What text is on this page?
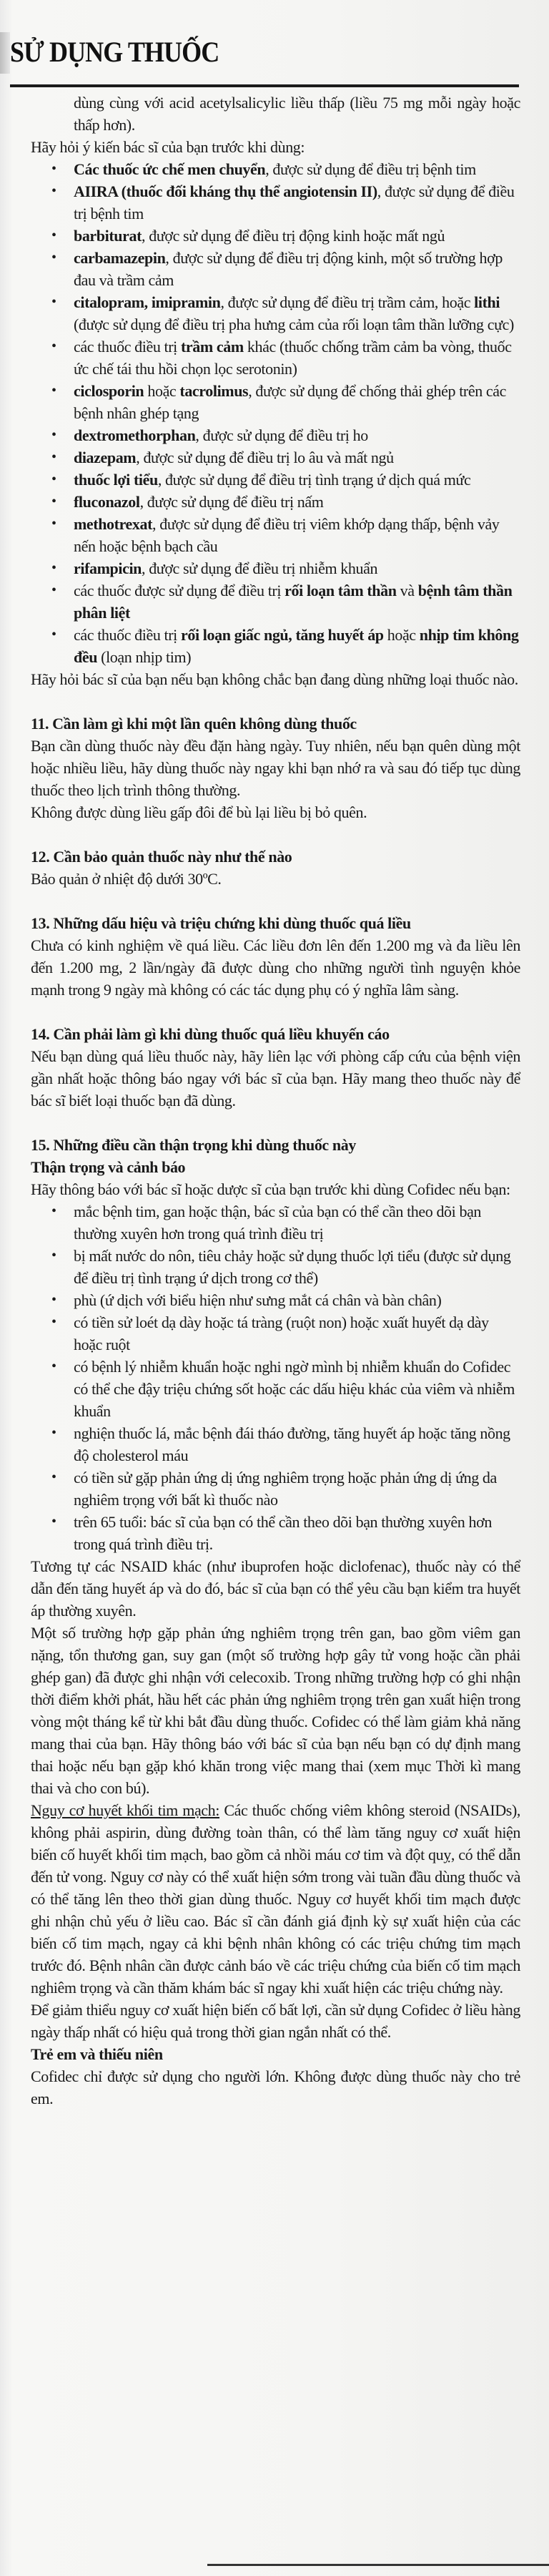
SỬ DỤNG THUỐC

dùng cùng với acid acetylsalicylic liều thấp (liều 75 mg mỗi ngày hoặc thấp hơn).

Hãy hỏi ý kiến bác sĩ của bạn trước khi dùng:

• Các thuốc ức chế men chuyển, được sử dụng để điều trị bệnh tim
• AIIRA (thuốc đối kháng thụ thể angiotensin II), được sử dụng để điều trị bệnh tim
• barbiturat, được sử dụng để điều trị động kinh hoặc mất ngủ
• carbamazepin, được sử dụng để điều trị động kinh, một số trường hợp đau và trầm cảm
• citalopram, imipramin, được sử dụng để điều trị trầm cảm, hoặc lithi (được sử dụng để điều trị pha hưng cảm của rối loạn tâm thần lưỡng cực)
• các thuốc điều trị trầm cảm khác (thuốc chống trầm cảm ba vòng, thuốc ức chế tái thu hồi chọn lọc serotonin)
• ciclosporin hoặc tacrolimus, được sử dụng để chống thải ghép trên các bệnh nhân ghép tạng
• dextromethorphan, được sử dụng để điều trị ho
• diazepam, được sử dụng để điều trị lo âu và mất ngủ
• thuốc lợi tiểu, được sử dụng để điều trị tình trạng ứ dịch quá mức
• fluconazol, được sử dụng để điều trị nấm
• methotrexat, được sử dụng để điều trị viêm khớp dạng thấp, bệnh vảy nến hoặc bệnh bạch cầu
• rifampicin, được sử dụng để điều trị nhiễm khuẩn
• các thuốc được sử dụng để điều trị rối loạn tâm thần và bệnh tâm thần phân liệt
• các thuốc điều trị rối loạn giấc ngủ, tăng huyết áp hoặc nhịp tim không đều (loạn nhịp tim)

Hãy hỏi bác sĩ của bạn nếu bạn không chắc bạn đang dùng những loại thuốc nào.

11. Cần làm gì khi một lần quên không dùng thuốc

Bạn cần dùng thuốc này đều đặn hàng ngày. Tuy nhiên, nếu bạn quên dùng một hoặc nhiều liều, hãy dùng thuốc này ngay khi bạn nhớ ra và sau đó tiếp tục dùng thuốc theo lịch trình thông thường.

Không được dùng liều gấp đôi để bù lại liều bị bỏ quên.

12. Cần bảo quản thuốc này như thế nào

Bảo quản ở nhiệt độ dưới 30ºC.

13. Những dấu hiệu và triệu chứng khi dùng thuốc quá liều

Chưa có kinh nghiệm về quá liều. Các liều đơn lên đến 1.200 mg và đa liều lên đến 1.200 mg, 2 lần/ngày đã được dùng cho những người tình nguyện khỏe mạnh trong 9 ngày mà không có các tác dụng phụ có ý nghĩa lâm sàng.

14. Cần phải làm gì khi dùng thuốc quá liều khuyến cáo

Nếu bạn dùng quá liều thuốc này, hãy liên lạc với phòng cấp cứu của bệnh viện gần nhất hoặc thông báo ngay với bác sĩ của bạn. Hãy mang theo thuốc này để bác sĩ biết loại thuốc bạn đã dùng.

15. Những điều cần thận trọng khi dùng thuốc này

Thận trọng và cảnh báo

Hãy thông báo với bác sĩ hoặc dược sĩ của bạn trước khi dùng Cofidec nếu bạn:

• mắc bệnh tim, gan hoặc thận, bác sĩ của bạn có thể cần theo dõi bạn thường xuyên hơn trong quá trình điều trị
• bị mất nước do nôn, tiêu chảy hoặc sử dụng thuốc lợi tiểu (được sử dụng để điều trị tình trạng ứ dịch trong cơ thể)
• phù (ứ dịch với biểu hiện như sưng mắt cá chân và bàn chân)
• có tiền sử loét dạ dày hoặc tá tràng (ruột non) hoặc xuất huyết dạ dày hoặc ruột
• có bệnh lý nhiễm khuẩn hoặc nghi ngờ mình bị nhiễm khuẩn do Cofidec có thể che đậy triệu chứng sốt hoặc các dấu hiệu khác của viêm và nhiễm khuẩn
• nghiện thuốc lá, mắc bệnh đái tháo đường, tăng huyết áp hoặc tăng nồng độ cholesterol máu
• có tiền sử gặp phản ứng dị ứng nghiêm trọng hoặc phản ứng dị ứng da nghiêm trọng với bất kì thuốc nào
• trên 65 tuổi: bác sĩ của bạn có thể cần theo dõi bạn thường xuyên hơn trong quá trình điều trị.

Tương tự các NSAID khác (như ibuprofen hoặc diclofenac), thuốc này có thể dẫn đến tăng huyết áp và do đó, bác sĩ của bạn có thể yêu cầu bạn kiểm tra huyết áp thường xuyên.

Một số trường hợp gặp phản ứng nghiêm trọng trên gan, bao gồm viêm gan nặng, tổn thương gan, suy gan (một số trường hợp gây tử vong hoặc cần phải ghép gan) đã được ghi nhận với celecoxib. Trong những trường hợp có ghi nhận thời điểm khởi phát, hầu hết các phản ứng nghiêm trọng trên gan xuất hiện trong vòng một tháng kể từ khi bắt đầu dùng thuốc. Cofidec có thể làm giảm khả năng mang thai của bạn. Hãy thông báo với bác sĩ của bạn nếu bạn có dự định mang thai hoặc nếu bạn gặp khó khăn trong việc mang thai (xem mục Thời kì mang thai và cho con bú).

Nguy cơ huyết khối tim mạch: Các thuốc chống viêm không steroid (NSAIDs), không phải aspirin, dùng đường toàn thân, có thể làm tăng nguy cơ xuất hiện biến cố huyết khối tim mạch, bao gồm cả nhồi máu cơ tim và đột quỵ, có thể dẫn đến tử vong. Nguy cơ này có thể xuất hiện sớm trong vài tuần đầu dùng thuốc và có thể tăng lên theo thời gian dùng thuốc. Nguy cơ huyết khối tim mạch được ghi nhận chủ yếu ở liều cao. Bác sĩ cần đánh giá định kỳ sự xuất hiện của các biến cố tim mạch, ngay cả khi bệnh nhân không có các triệu chứng tim mạch trước đó. Bệnh nhân cần được cảnh báo về các triệu chứng của biến cố tim mạch nghiêm trọng và cần thăm khám bác sĩ ngay khi xuất hiện các triệu chứng này.

Để giảm thiểu nguy cơ xuất hiện biến cố bất lợi, cần sử dụng Cofidec ở liều hàng ngày thấp nhất có hiệu quả trong thời gian ngắn nhất có thể.

Trẻ em và thiếu niên

Cofidec chỉ được sử dụng cho người lớn. Không được dùng thuốc này cho trẻ em.
